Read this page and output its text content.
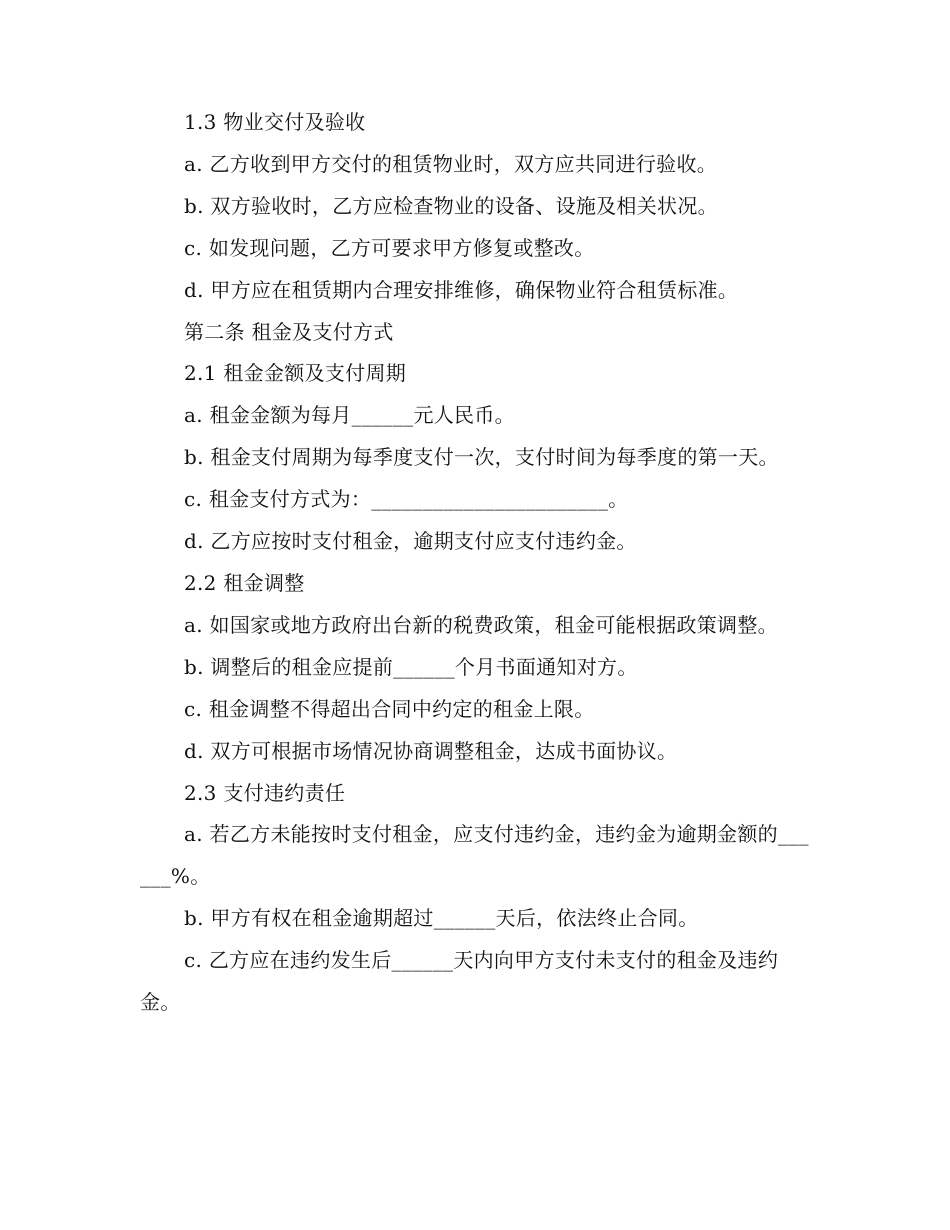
1.3 物业交付及验收

a. 乙方收到甲方交付的租赁物业时，双方应共同进行验收。

b. 双方验收时，乙方应检查物业的设备、设施及相关状况。

c. 如发现问题，乙方可要求甲方修复或整改。

d. 甲方应在租赁期内合理安排维修，确保物业符合租赁标准。

第二条 租金及支付方式

2.1 租金金额及支付周期

a. 租金金额为每月______元人民币。

b. 租金支付周期为每季度支付一次，支付时间为每季度的第一天。

c. 租金支付方式为：_______________________。

d. 乙方应按时支付租金，逾期支付应支付违约金。

2.2 租金调整

a. 如国家或地方政府出台新的税费政策，租金可能根据政策调整。

b. 调整后的租金应提前______个月书面通知对方。

c. 租金调整不得超出合同中约定的租金上限。

d. 双方可根据市场情况协商调整租金，达成书面协议。

2.3 支付违约责任

a. 若乙方未能按时支付租金，应支付违约金，违约金为逾期金额的______%。

b. 甲方有权在租金逾期超过______天后，依法终止合同。

c. 乙方应在违约发生后______天内向甲方支付未支付的租金及违约金。
